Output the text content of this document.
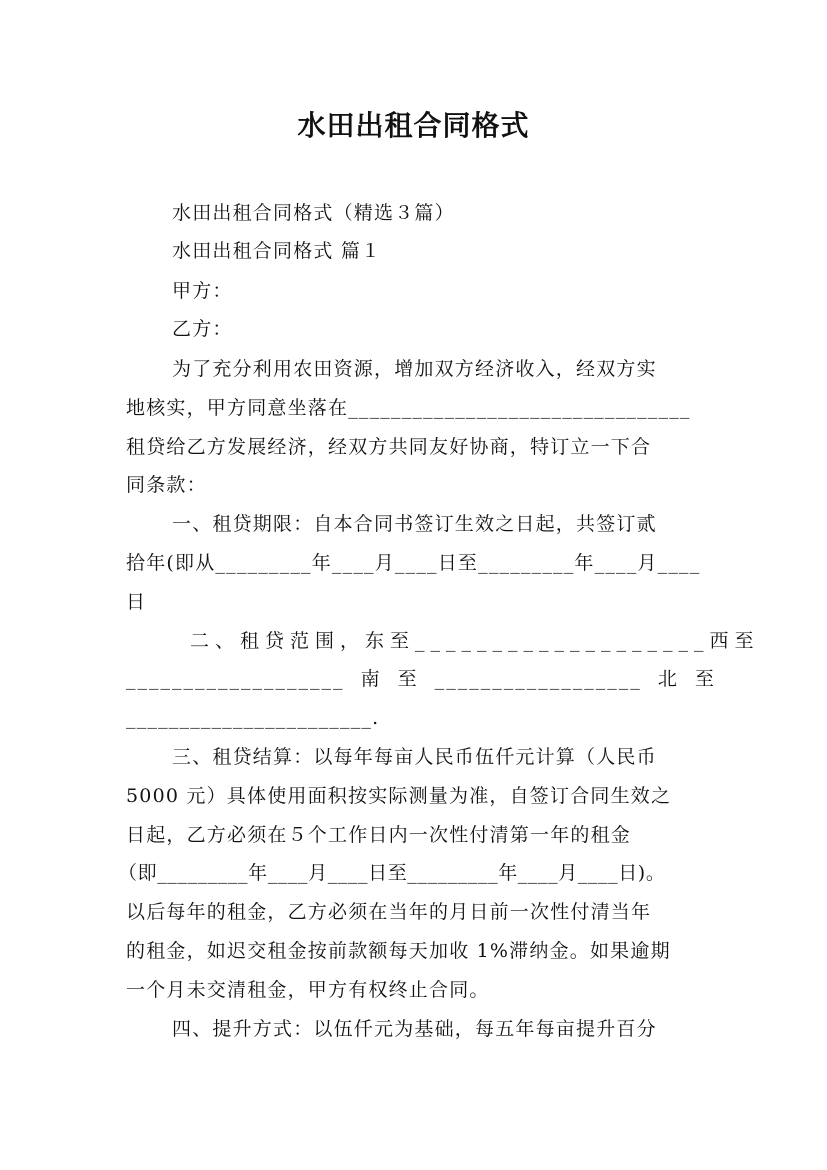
水田出租合同格式
水田出租合同格式（精选３篇）
水田出租合同格式 篇１
甲方：
乙方：
为了充分利用农田资源，增加双方经济收入，经双方实
地核实，甲方同意坐落在________________________________
租贷给乙方发展经济，经双方共同友好协商，特订立一下合
同条款：
一、租贷期限：自本合同书签订生效之日起，共签订贰
拾年(即从_________年____月____日至_________年____月____
日
二、租贷范围，东至___________________西至
___________________  南  至  __________________  北  至
_______________________.
三、租贷结算：以每年每亩人民币伍仟元计算（人民币
5000 元）具体使用面积按实际测量为准，自签订合同生效之
日起，乙方必须在５个工作日内一次性付清第一年的租金
（即_________年____月____日至_________年____月____日)。
以后每年的租金，乙方必须在当年的月日前一次性付清当年
的租金，如迟交租金按前款额每天加收 1%滞纳金。如果逾期
一个月未交清租金，甲方有权终止合同。
四、提升方式：以伍仟元为基础，每五年每亩提升百分
